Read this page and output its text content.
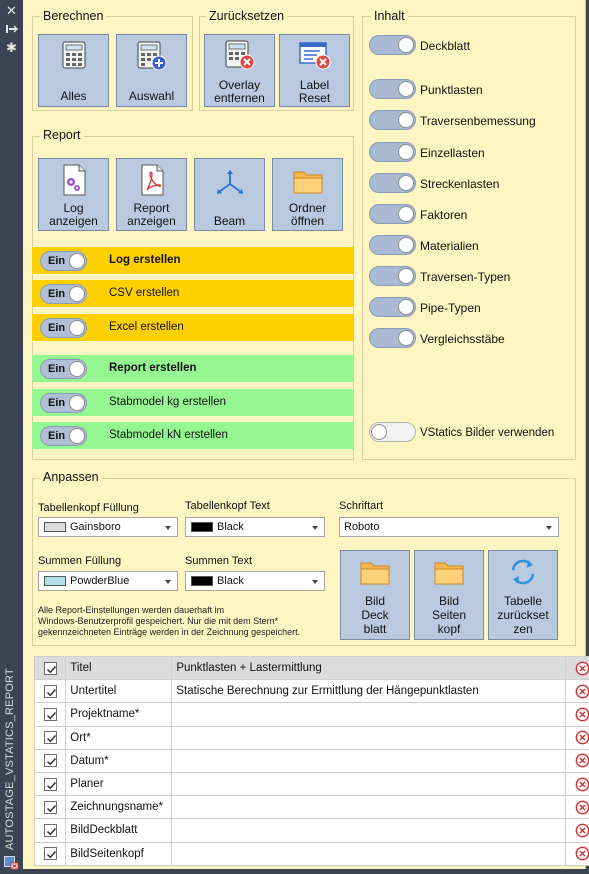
✕
✱
AUTOSTAGE_VSTATICS_REPORT
Berechnen
Alles	Auswahl
Zurücksetzen
Overlay
entfernen
Label
Reset
Inhalt
Deckblatt
Punktlasten
Traversenbemessung
Einzellasten
Streckenlasten
Faktoren
Materialien
Traversen-Typen
Pipe-Typen
Vergleichsstäbe
VStatics Bilder verwenden
Report
Log
anzeigen
Report
anzeigen	Beam
Ordner
öffnen
Ein	Log erstellen
Ein	CSV erstellen
Ein	Excel erstellen
Ein	Report erstellen
Ein	Stabmodel kg erstellen
Ein	Stabmodel kN erstellen
Anpassen
Tabellenkopf Füllung
Gainsboro
Tabellenkopf Text
Black
Schriftart
Roboto
Summen Füllung
PowderBlue
Summen Text
Black
Alle Report-Einstellungen werden dauerhaft im
Windows-Benutzerprofil gespeichert. Nur die mit dem Stern*
gekennzeichneten Einträge werden in der Zeichnung gespeichert.
Bild
Deck
blatt
Bild
Seiten
kopf
Tabelle
zurückset
zen
	Titel	Punktlasten + Lastermittlung	

	Untertitel	Statische Berechnung zur Ermittlung der Hängepunktlasten	

	Projektname*		

	Ort*		

	Datum*		

	Planer		

	Zeichnungsname*		

	BildDeckblatt		

	BildSeitenkopf		
